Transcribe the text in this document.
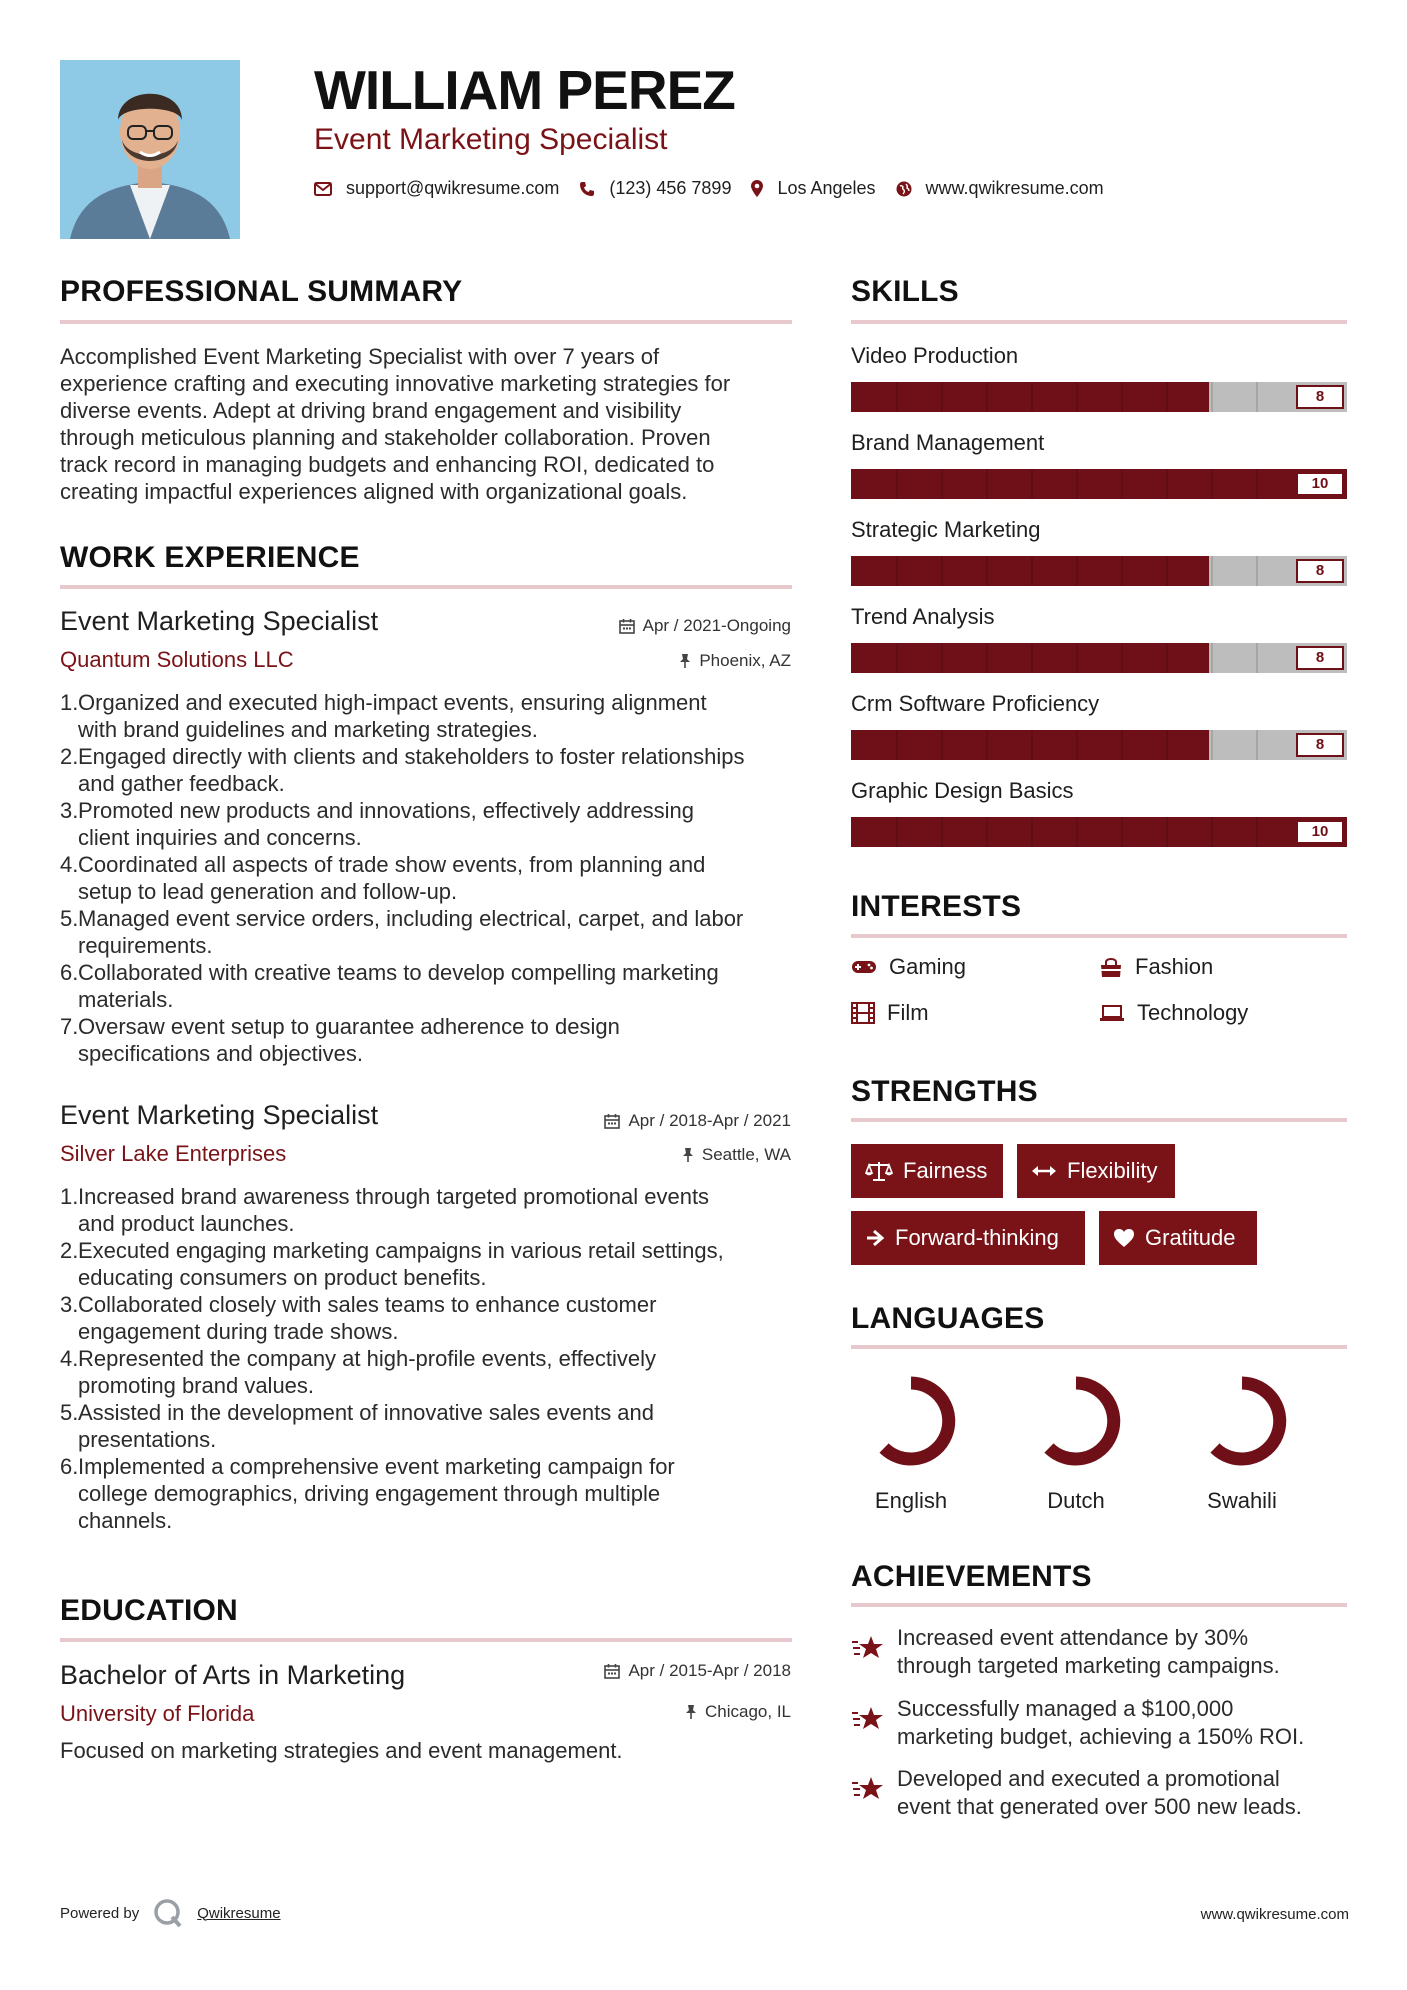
WILLIAM PEREZ
Event Marketing Specialist
support@qwikresume.com	(123) 456 7899	Los Angeles	www.qwikresume.com
PROFESSIONAL SUMMARY
Accomplished Event Marketing Specialist with over 7 years of
experience crafting and executing innovative marketing strategies for
diverse events. Adept at driving brand engagement and visibility
through meticulous planning and stakeholder collaboration. Proven
track record in managing budgets and enhancing ROI, dedicated to
creating impactful experiences aligned with organizational goals.
WORK EXPERIENCE
Event Marketing Specialist	Apr / 2021-Ongoing
Quantum Solutions LLC	Phoenix, AZ
1. Organized and executed high-impact events, ensuring alignment
with brand guidelines and marketing strategies.
2. Engaged directly with clients and stakeholders to foster relationships
and gather feedback.
3. Promoted new products and innovations, effectively addressing
client inquiries and concerns.
4. Coordinated all aspects of trade show events, from planning and
setup to lead generation and follow-up.
5. Managed event service orders, including electrical, carpet, and labor
requirements.
6. Collaborated with creative teams to develop compelling marketing
materials.
7. Oversaw event setup to guarantee adherence to design
specifications and objectives.
Event Marketing Specialist	Apr / 2018-Apr / 2021
Silver Lake Enterprises	Seattle, WA
1. Increased brand awareness through targeted promotional events
and product launches.
2. Executed engaging marketing campaigns in various retail settings,
educating consumers on product benefits.
3. Collaborated closely with sales teams to enhance customer
engagement during trade shows.
4. Represented the company at high-profile events, effectively
promoting brand values.
5. Assisted in the development of innovative sales events and
presentations.
6. Implemented a comprehensive event marketing campaign for
college demographics, driving engagement through multiple
channels.
EDUCATION
Bachelor of Arts in Marketing	Apr / 2015-Apr / 2018
University of Florida	Chicago, IL
Focused on marketing strategies and event management.
SKILLS
Video Production
8
Brand Management
10
Strategic Marketing
8
Trend Analysis
8
Crm Software Proficiency
8
Graphic Design Basics
10
INTERESTS
Gaming	Fashion
Film	Technology
STRENGTHS
Fairness	Flexibility
Forward-thinking	Gratitude
LANGUAGES
English	Dutch	Swahili
ACHIEVEMENTS
Increased event attendance by 30%
through targeted marketing campaigns.
Successfully managed a $100,000
marketing budget, achieving a 150% ROI.
Developed and executed a promotional
event that generated over 500 new leads.
Powered by	Qwikresume	www.qwikresume.com
